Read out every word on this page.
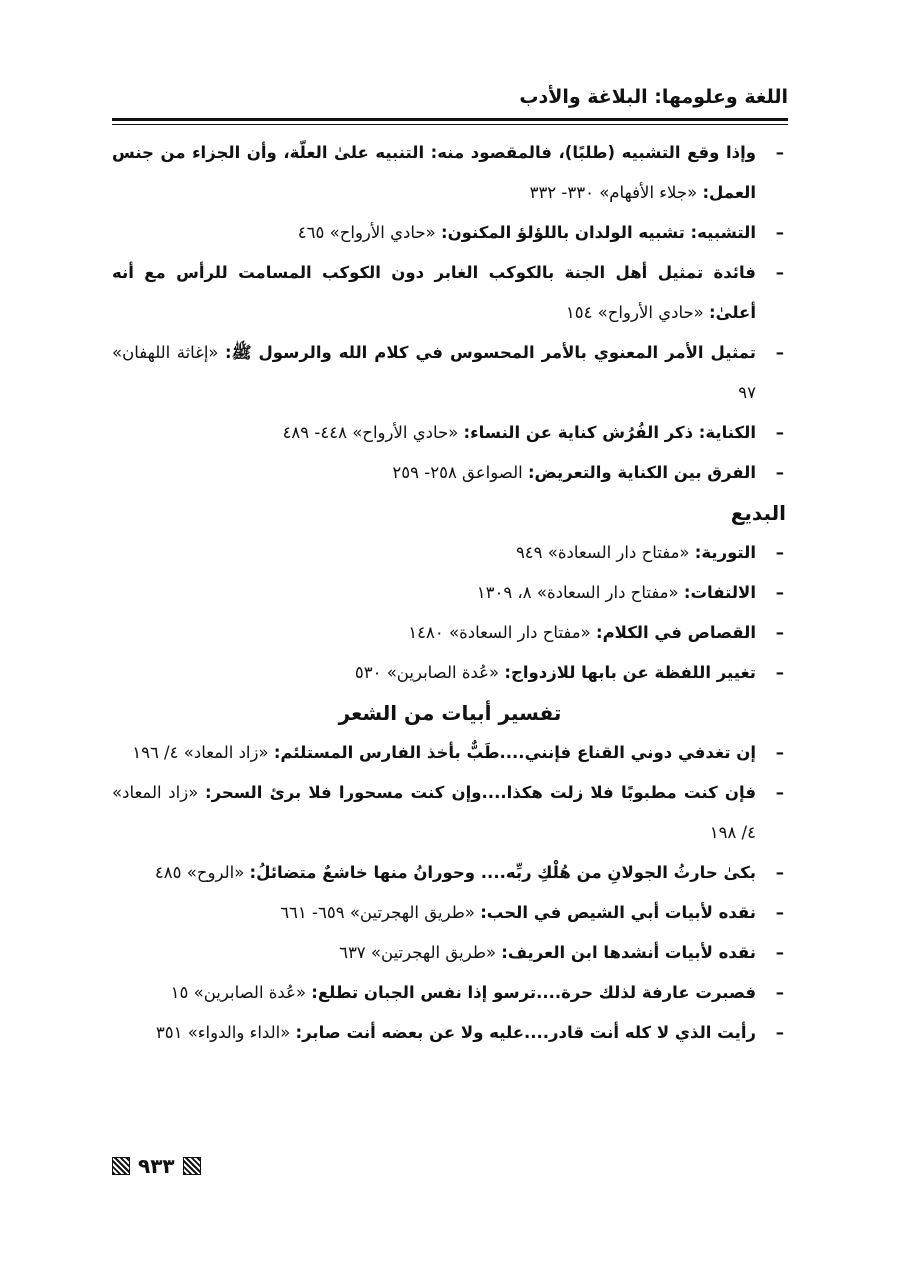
اللغة وعلومها: البلاغة والأدب
–
وإذا وقع التشبيه (طلبًا)، فالمقصود منه: التنبيه علىٰ العلّة، وأن الجزاء من جنس العمل: «جلاء الأفهام» ٣٣٠- ٣٣٢
–
التشبيه: تشبيه الولدان باللؤلؤ المكنون: «حادي الأرواح» ٤٦٥
–
فائدة تمثيل أهل الجنة بالكوكب الغابر دون الكوكب المسامت للرأس مع أنه أعلىٰ: «حادي الأرواح» ١٥٤
–
تمثيل الأمر المعنوي بالأمر المحسوس في كلام الله والرسول ﷺ: «إغاثة اللهفان» ٩٧
–
الكناية: ذكر الفُرُش كناية عن النساء: «حادي الأرواح» ٤٤٨- ٤٨٩
–
الفرق بين الكناية والتعريض: الصواعق ٢٥٨- ٢٥٩
البديع
–
التورية: «مفتاح دار السعادة» ٩٤٩
–
الالتفات: «مفتاح دار السعادة» ٨، ١٣٠٩
–
القصاص في الكلام: «مفتاح دار السعادة» ١٤٨٠
–
تغيير اللفظة عن بابها للازدواج: «عُدة الصابرين» ٥٣٠
تفسير أبيات من الشعر
–
إن تغدفي دوني القناع فإنني....طَبٌّ بأخذ الفارس المستلئم: «زاد المعاد» ٤/ ١٩٦
–
فإن كنت مطبوبًا فلا زلت هكذا....وإن كنت مسحورا فلا برئ السحر: «زاد المعاد» ٤/ ١٩٨
–
بكىٰ حارثُ الجولانِ من هُلْكِ ربِّه.... وحورانُ منها خاشعٌ متضائلُ: «الروح» ٤٨٥
–
نقده لأبيات أبي الشيص في الحب: «طريق الهجرتين» ٦٥٩- ٦٦١
–
نقده لأبيات أنشدها ابن العريف: «طريق الهجرتين» ٦٣٧
–
فصبرت عارفة لذلك حرة....ترسو إذا نفس الجبان تطلع: «عُدة الصابرين» ١٥
–
رأيت الذي لا كله أنت قادر....عليه ولا عن بعضه أنت صابر: «الداء والدواء» ٣٥١
٩٣٣
